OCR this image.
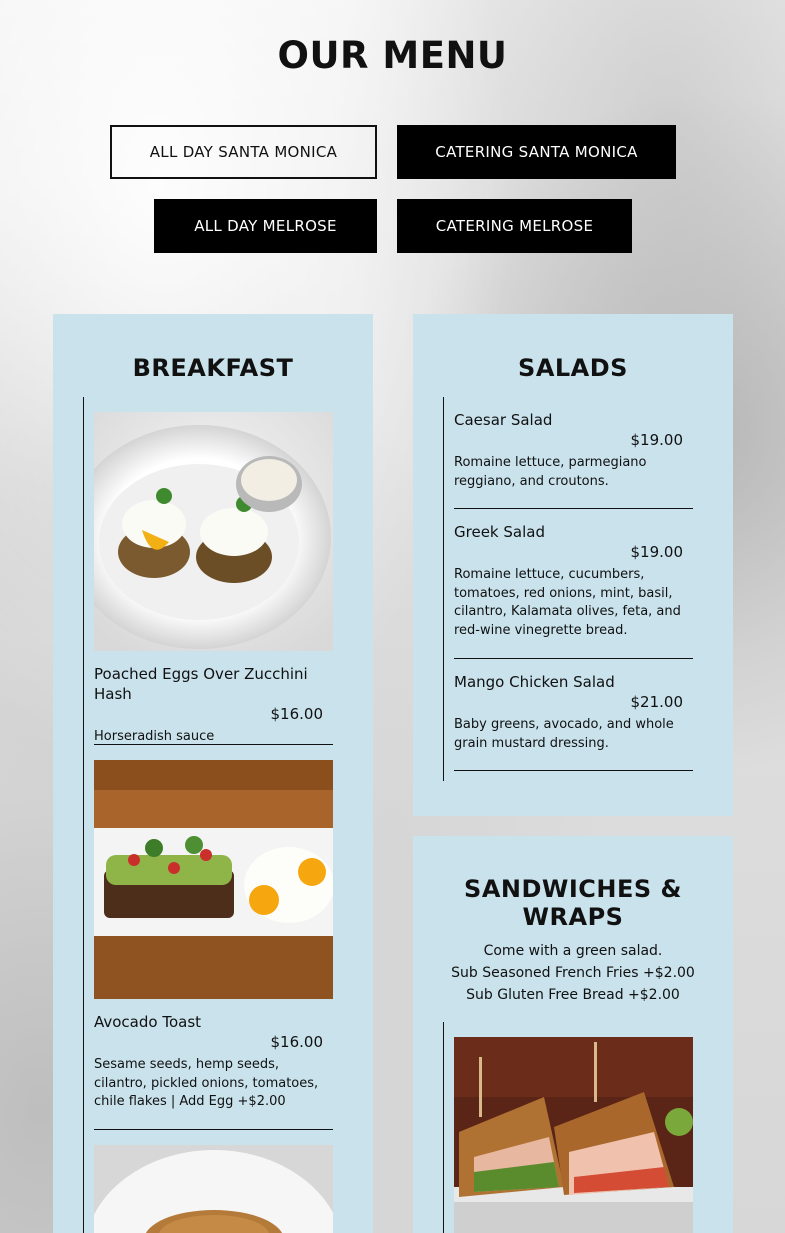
OUR MENU
ALL DAY SANTA MONICA	CATERING SANTA MONICA
ALL DAY MELROSE	CATERING MELROSE
BREAKFAST
Poached Eggs Over Zucchini Hash
$16.00
Horseradish sauce
Avocado Toast
$16.00
Sesame seeds, hemp seeds, cilantro, pickled onions, tomatoes, chile flakes | Add Egg +$2.00
SALADS
Caesar Salad
$19.00
Romaine lettuce, parmegiano reggiano, and croutons.
Greek Salad
$19.00
Romaine lettuce, cucumbers, tomatoes, red onions, mint, basil, cilantro, Kalamata olives, feta, and red-wine vinegrette bread.
Mango Chicken Salad
$21.00
Baby greens, avocado, and whole grain mustard dressing.
SANDWICHES &
WRAPS
Come with a green salad.
Sub Seasoned French Fries +$2.00
Sub Gluten Free Bread +$2.00
